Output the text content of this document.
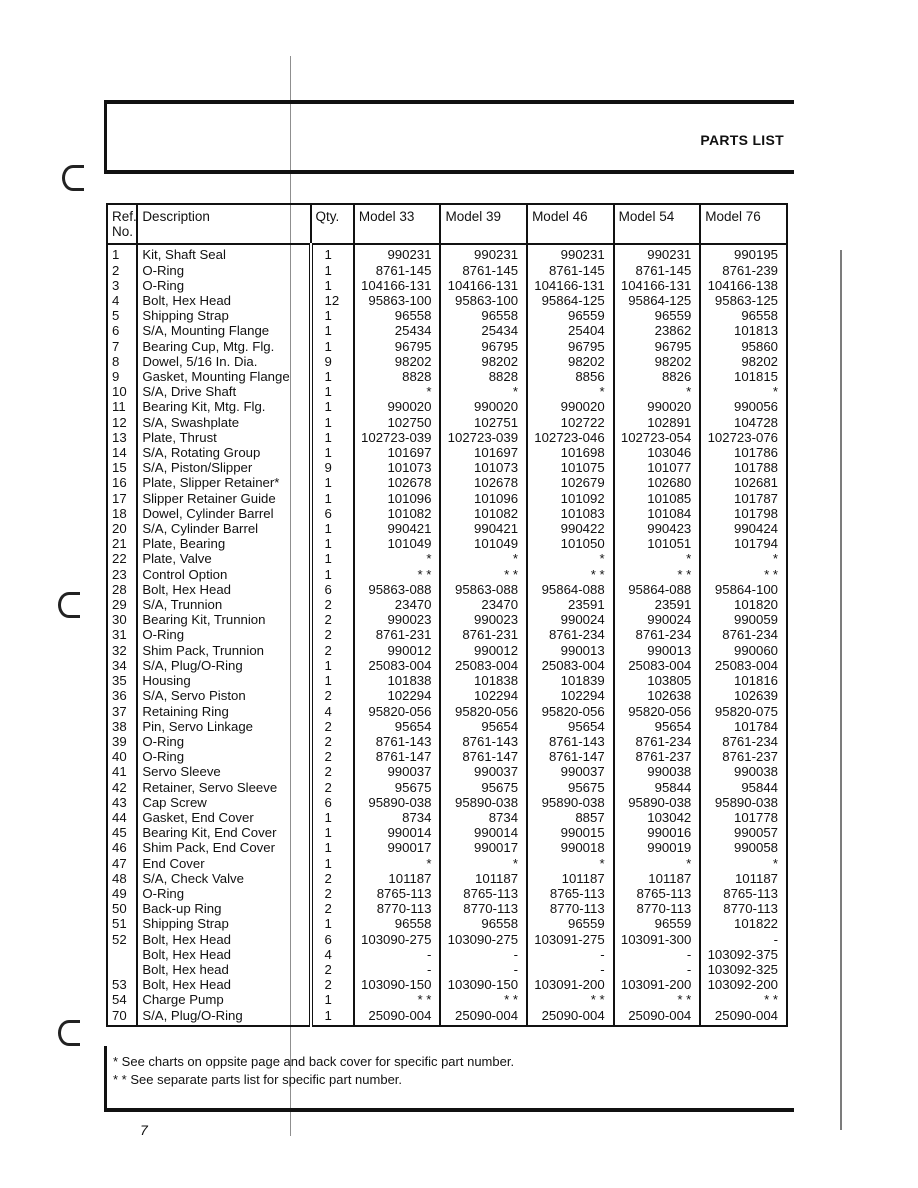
PARTS LIST
Ref. No.	Description	Qty.	Model 33	Model 39	Model 46	Model 54	Model 76
1	Kit, Shaft Seal	1	990231	990231	990231	990231	990195
2	O-Ring	1	8761-145	8761-145	8761-145	8761-145	8761-239
3	O-Ring	1	104166-131	104166-131	104166-131	104166-131	104166-138
4	Bolt, Hex Head	12	95863-100	95863-100	95864-125	95864-125	95863-125
5	Shipping Strap	1	96558	96558	96559	96559	96558
6	S/A, Mounting Flange	1	25434	25434	25404	23862	101813
7	Bearing Cup, Mtg. Flg.	1	96795	96795	96795	96795	95860
8	Dowel, 5/16 In. Dia.	9	98202	98202	98202	98202	98202
9	Gasket, Mounting Flange	1	8828	8828	8856	8826	101815
10	S/A, Drive Shaft	1	*	*	*	*	*
11	Bearing Kit, Mtg. Flg.	1	990020	990020	990020	990020	990056
12	S/A, Swashplate	1	102750	102751	102722	102891	104728
13	Plate, Thrust	1	102723-039	102723-039	102723-046	102723-054	102723-076
14	S/A, Rotating Group	1	101697	101697	101698	103046	101786
15	S/A, Piston/Slipper	9	101073	101073	101075	101077	101788
16	Plate, Slipper Retainer*	1	102678	102678	102679	102680	102681
17	Slipper Retainer Guide	1	101096	101096	101092	101085	101787
18	Dowel, Cylinder Barrel	6	101082	101082	101083	101084	101798
20	S/A, Cylinder Barrel	1	990421	990421	990422	990423	990424
21	Plate, Bearing	1	101049	101049	101050	101051	101794
22	Plate, Valve	1	*	*	*	*	*
23	Control Option	1	* *	* *	* *	* *	* *
28	Bolt, Hex Head	6	95863-088	95863-088	95864-088	95864-088	95864-100
29	S/A, Trunnion	2	23470	23470	23591	23591	101820
30	Bearing Kit, Trunnion	2	990023	990023	990024	990024	990059
31	O-Ring	2	8761-231	8761-231	8761-234	8761-234	8761-234
32	Shim Pack, Trunnion	2	990012	990012	990013	990013	990060
34	S/A, Plug/O-Ring	1	25083-004	25083-004	25083-004	25083-004	25083-004
35	Housing	1	101838	101838	101839	103805	101816
36	S/A, Servo Piston	2	102294	102294	102294	102638	102639
37	Retaining Ring	4	95820-056	95820-056	95820-056	95820-056	95820-075
38	Pin, Servo Linkage	2	95654	95654	95654	95654	101784
39	O-Ring	2	8761-143	8761-143	8761-143	8761-234	8761-234
40	O-Ring	2	8761-147	8761-147	8761-147	8761-237	8761-237
41	Servo Sleeve	2	990037	990037	990037	990038	990038
42	Retainer, Servo Sleeve	2	95675	95675	95675	95844	95844
43	Cap Screw	6	95890-038	95890-038	95890-038	95890-038	95890-038
44	Gasket, End Cover	1	8734	8734	8857	103042	101778
45	Bearing Kit, End Cover	1	990014	990014	990015	990016	990057
46	Shim Pack, End Cover	1	990017	990017	990018	990019	990058
47	End Cover	1	*	*	*	*	*
48	S/A, Check Valve	2	101187	101187	101187	101187	101187
49	O-Ring	2	8765-113	8765-113	8765-113	8765-113	8765-113
50	Back-up Ring	2	8770-113	8770-113	8770-113	8770-113	8770-113
51	Shipping Strap	1	96558	96558	96559	96559	101822
52	Bolt, Hex Head	6	103090-275	103090-275	103091-275	103091-300	-
	Bolt, Hex Head	4	-	-	-	-	103092-375
	Bolt, Hex head	2	-	-	-	-	103092-325
53	Bolt, Hex Head	2	103090-150	103090-150	103091-200	103091-200	103092-200
54	Charge Pump	1	* *	* *	* *	* *	* *
70	S/A, Plug/O-Ring	1	25090-004	25090-004	25090-004	25090-004	25090-004
* See charts on oppsite page and back cover for specific part number.
* * See separate parts list for specific part number.
7
